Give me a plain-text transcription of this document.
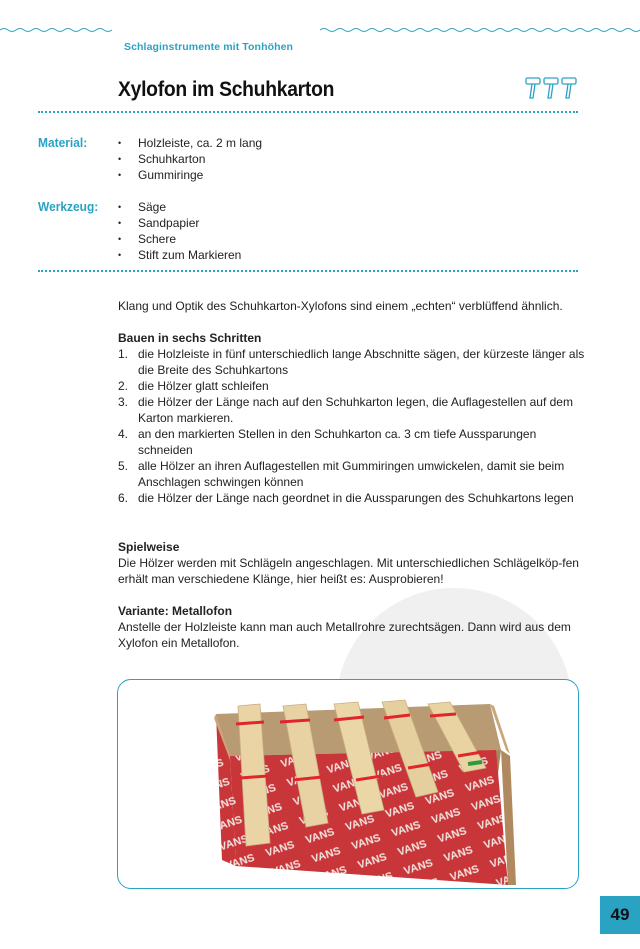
Schlaginstrumente mit Tonhöhen
Xylofon im Schuhkarton
Material:	• Holzleiste, ca. 2 m lang
• Schuhkarton
• Gummiringe
Werkzeug:	• Säge
• Sandpapier
• Schere
• Stift zum Markieren
Klang und Optik des Schuhkarton-Xylofons sind einem „echten“ verblüffend ähnlich.
Bauen in sechs Schritten
1. die Holzleiste in fünf unterschiedlich lange Abschnitte sägen, der kürzeste länger als die Breite des Schuhkartons
2. die Hölzer glatt schleifen
3. die Hölzer der Länge nach auf den Schuhkarton legen, die Auflagestellen auf dem Karton markieren.
4. an den markierten Stellen in den Schuhkarton ca. 3 cm tiefe Aussparungen schneiden
5. alle Hölzer an ihren Auflagestellen mit Gummiringen umwickelen, damit sie beim Anschlagen schwingen können
6. die Hölzer der Länge nach geordnet in die Aussparungen des Schuhkartons legen
Spielweise
Die Hölzer werden mit Schlägeln angeschlagen. Mit unterschiedlichen Schlägelköp-fen erhält man verschiedene Klänge, hier heißt es: Ausprobieren!
Variante: Metallofon
Anstelle der Holzleiste kann man auch Metallrohre zurechtsägen. Dann wird aus dem Xylofon ein Metallofon.
49
